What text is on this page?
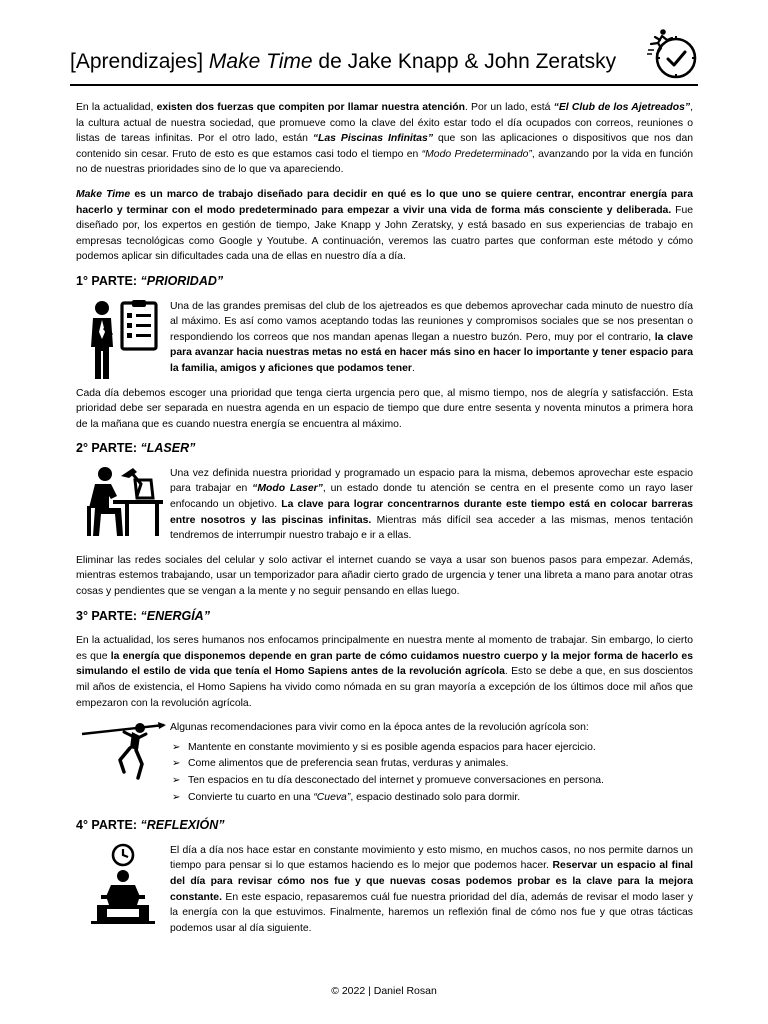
[Aprendizajes] Make Time de Jake Knapp & John Zeratsky

En la actualidad, existen dos fuerzas que compiten por llamar nuestra atención. Por un lado, está “El Club de los Ajetreados”, la cultura actual de nuestra sociedad, que promueve como la clave del éxito estar todo el día ocupados con correos, reuniones o listas de tareas infinitas. Por el otro lado, están “Las Piscinas Infinitas” que son las aplicaciones o dispositivos que nos dan contenido sin cesar. Fruto de esto es que estamos casi todo el tiempo en “Modo Predeterminado”, avanzando por la vida en función no de nuestras prioridades sino de lo que va apareciendo.

Make Time es un marco de trabajo diseñado para decidir en qué es lo que uno se quiere centrar, encontrar energía para hacerlo y terminar con el modo predeterminado para empezar a vivir una vida de forma más consciente y deliberada. Fue diseñado por, los expertos en gestión de tiempo, Jake Knapp y John Zeratsky, y está basado en sus experiencias de trabajo en empresas tecnológicas como Google y Youtube. A continuación, veremos las cuatro partes que conforman este método y cómo podemos aplicar sin dificultades cada una de ellas en nuestro día a día.

1° PARTE: “PRIORIDAD”

Una de las grandes premisas del club de los ajetreados es que debemos aprovechar cada minuto de nuestro día al máximo. Es así como vamos aceptando todas las reuniones y compromisos sociales que se nos presentan o respondiendo los correos que nos mandan apenas llegan a nuestro buzón. Pero, muy por el contrario, la clave para avanzar hacia nuestras metas no está en hacer más sino en hacer lo importante y tener espacio para la familia, amigos y aficiones que podamos tener.

Cada día debemos escoger una prioridad que tenga cierta urgencia pero que, al mismo tiempo, nos de alegría y satisfacción. Esta prioridad debe ser separada en nuestra agenda en un espacio de tiempo que dure entre sesenta y noventa minutos a primera hora de la mañana que es cuando nuestra energía se encuentra al máximo.

2° PARTE: “LASER”

Una vez definida nuestra prioridad y programado un espacio para la misma, debemos aprovechar este espacio para trabajar en “Modo Laser”, un estado donde tu atención se centra en el presente como un rayo laser enfocando un objetivo. La clave para lograr concentrarnos durante este tiempo está en colocar barreras entre nosotros y las piscinas infinitas. Mientras más difícil sea acceder a las mismas, menos tentación tendremos de interrumpir nuestro trabajo e ir a ellas.

Eliminar las redes sociales del celular y solo activar el internet cuando se vaya a usar son buenos pasos para empezar. Además, mientras estemos trabajando, usar un temporizador para añadir cierto grado de urgencia y tener una libreta a mano para anotar otras cosas y pendientes que se vengan a la mente y no seguir pensando en ellas luego.

3° PARTE: “ENERGÍA”

En la actualidad, los seres humanos nos enfocamos principalmente en nuestra mente al momento de trabajar. Sin embargo, lo cierto es que la energía que disponemos depende en gran parte de cómo cuidamos nuestro cuerpo y la mejor forma de hacerlo es simulando el estilo de vida que tenía el Homo Sapiens antes de la revolución agrícola. Esto se debe a que, en sus doscientos mil años de existencia, el Homo Sapiens ha vivido como nómada en su gran mayoría a excepción de los últimos doce mil años que empezaron con la revolución agrícola.

Algunas recomendaciones para vivir como en la época antes de la revolución agrícola son:

➢ Mantente en constante movimiento y si es posible agenda espacios para hacer ejercicio.
➢ Come alimentos que de preferencia sean frutas, verduras y animales.
➢ Ten espacios en tu día desconectado del internet y promueve conversaciones en persona.
➢ Convierte tu cuarto en una “Cueva”, espacio destinado solo para dormir.
4° PARTE: “REFLEXIÓN”

El día a día nos hace estar en constante movimiento y esto mismo, en muchos casos, no nos permite darnos un tiempo para pensar si lo que estamos haciendo es lo mejor que podemos hacer. Reservar un espacio al final del día para revisar cómo nos fue y que nuevas cosas podemos probar es la clave para la mejora constante. En este espacio, repasaremos cuál fue nuestra prioridad del día, además de revisar el modo laser y la energía con la que estuvimos. Finalmente, haremos un reflexión final de cómo nos fue y que otras tácticas podemos usar al día siguiente.

© 2022 | Daniel Rosan
